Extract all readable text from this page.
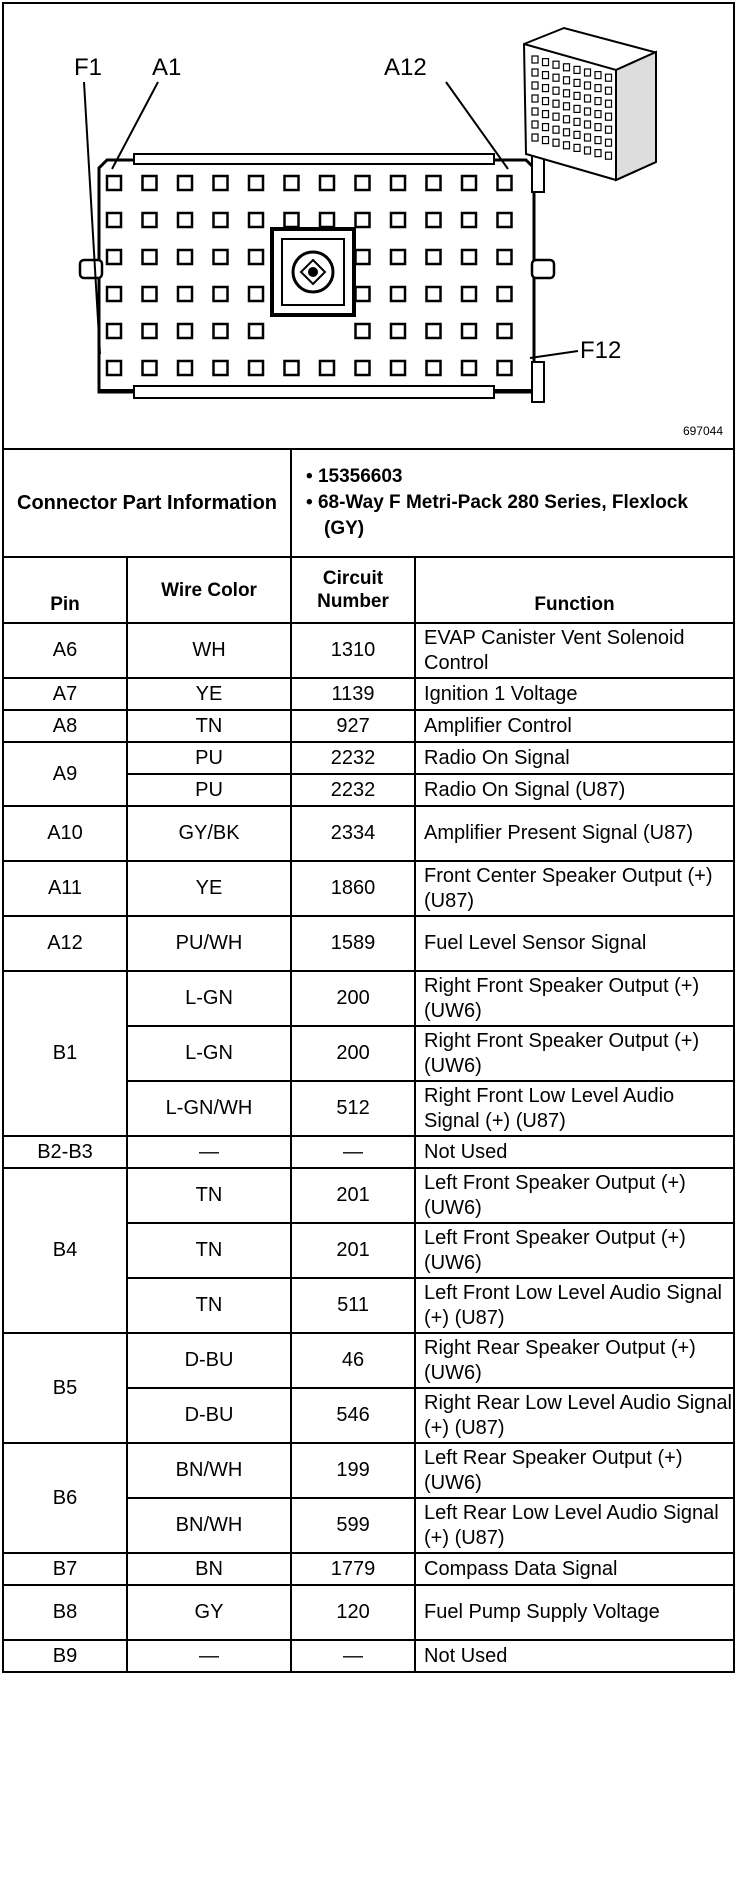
F1 A1	A12
F12
697044
Connector Part Information		• 15356603
• 68-Way F Metri-Pack 280 Series, Flexlock (GY)	

Pin	Wire Color	Circuit Number	Function
A6	WH	1310	EVAP Canister Vent Solenoid Control
A7	YE	1139	Ignition 1 Voltage
A8	TN	927	Amplifier Control
A9	PU	2232	Radio On Signal
	PU	2232	Radio On Signal (U87)
A10	GY/BK	2334	Amplifier Present Signal (U87)
A11	YE	1860	Front Center Speaker Output (+) (U87)
A12	PU/WH	1589	Fuel Level Sensor Signal
B1	L-GN	200	Right Front Speaker Output (+) (UW6)
	L-GN	200	Right Front Speaker Output (+) (UW6)
	L-GN/WH	512	Right Front Low Level Audio Signal (+) (U87)
B2-B3	—	—	Not Used
B4	TN	201	Left Front Speaker Output (+) (UW6)
	TN	201	Left Front Speaker Output (+) (UW6)
	TN	511	Left Front Low Level Audio Signal (+) (U87)
B5	D-BU	46	Right Rear Speaker Output (+) (UW6)
	D-BU	546	Right Rear Low Level Audio Signal (+) (U87)
B6	BN/WH	199	Left Rear Speaker Output (+) (UW6)
	BN/WH	599	Left Rear Low Level Audio Signal (+) (U87)
B7	BN	1779	Compass Data Signal
B8	GY	120	Fuel Pump Supply Voltage
B9	—	—	Not Used
